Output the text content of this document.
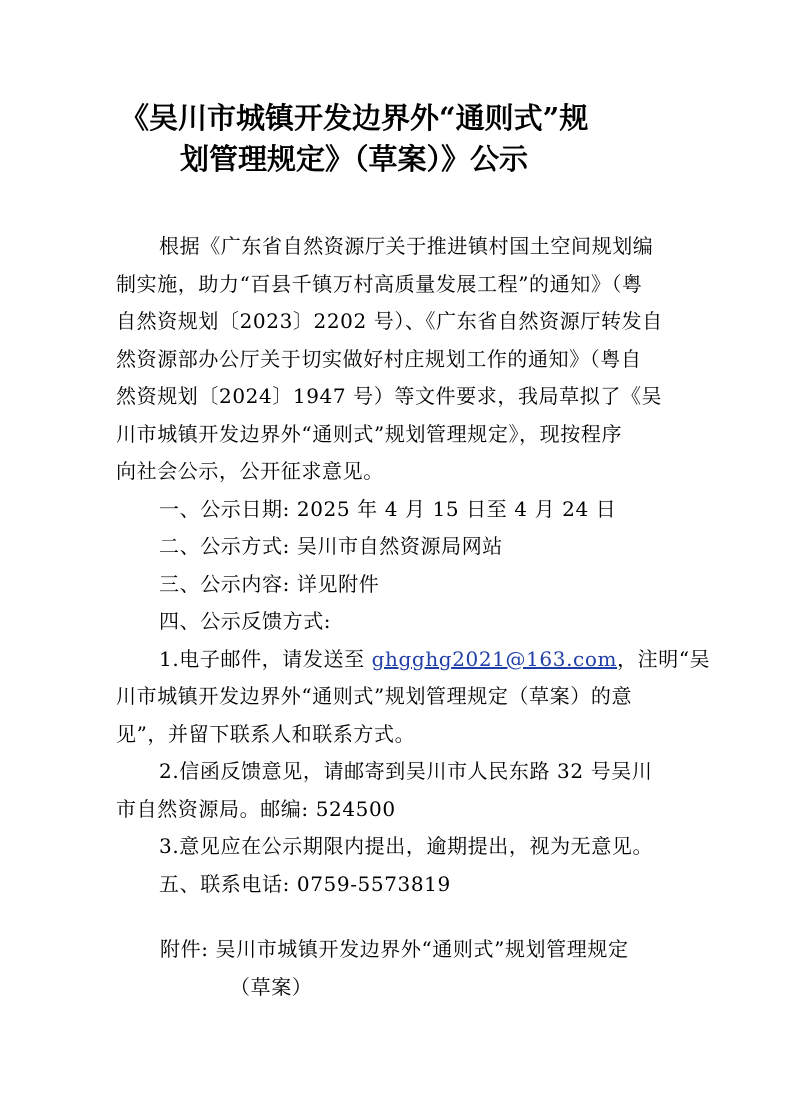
《吴川市城镇开发边界外“通则式”规
划管理规定》（草案）》公示
根据《广东省自然资源厅关于推进镇村国土空间规划编
制实施，助力“百县千镇万村高质量发展工程”的通知》（粤
自然资规划〔2023〕2202 号）、《广东省自然资源厅转发自
然资源部办公厅关于切实做好村庄规划工作的通知》（粤自
然资规划〔2024〕1947 号）等文件要求，我局草拟了《吴
川市城镇开发边界外“通则式”规划管理规定》，现按程序
向社会公示，公开征求意见。
一、公示日期: 2025 年 4 月 15 日至 4 月 24 日
二、公示方式: 吴川市自然资源局网站
三、公示内容: 详见附件
四、公示反馈方式:
1.电子邮件，请发送至 ghgghg2021@163.com，注明“吴
川市城镇开发边界外“通则式”规划管理规定（草案）的意
见”，并留下联系人和联系方式。
2.信函反馈意见，请邮寄到吴川市人民东路 32 号吴川
市自然资源局。邮编: 524500
3.意见应在公示期限内提出，逾期提出，视为无意见。
五、联系电话: 0759-5573819
附件: 吴川市城镇开发边界外“通则式”规划管理规定
（草案）
